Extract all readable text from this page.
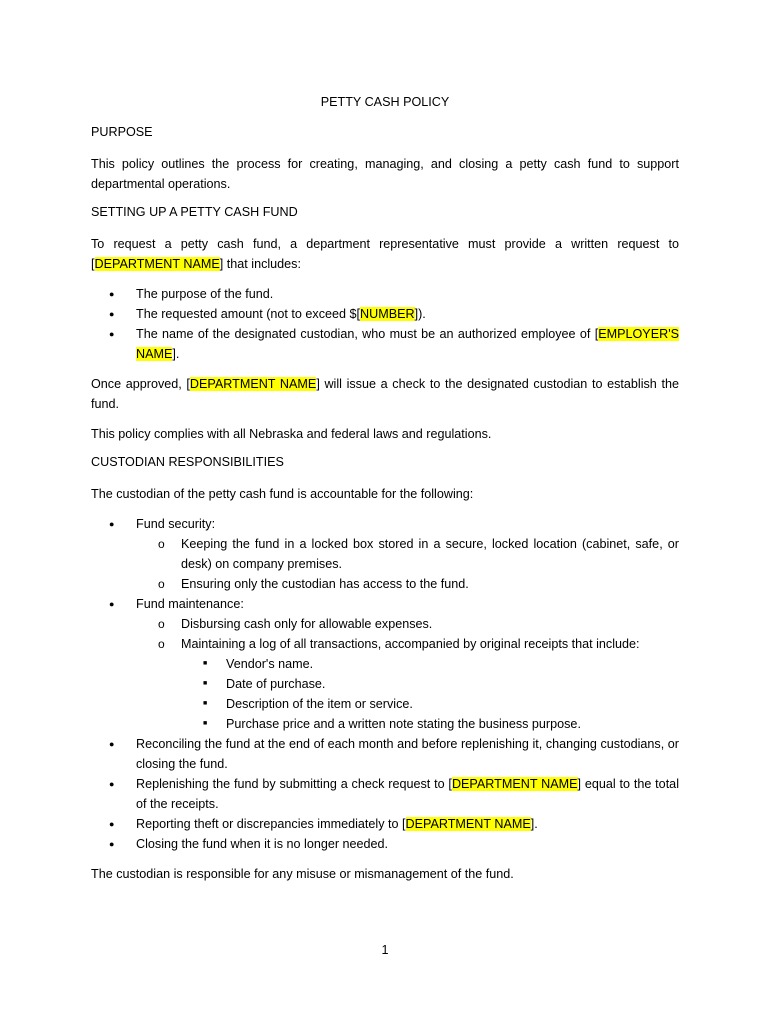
PETTY CASH POLICY
PURPOSE

This policy outlines the process for creating, managing, and closing a petty cash fund to support departmental operations.

SETTING UP A PETTY CASH FUND

To request a petty cash fund, a department representative must provide a written request to [DEPARTMENT NAME] that includes:

● The purpose of the fund.
● The requested amount (not to exceed $[NUMBER]).
● The name of the designated custodian, who must be an authorized employee of [EMPLOYER'S NAME].

Once approved, [DEPARTMENT NAME] will issue a check to the designated custodian to establish the fund.

This policy complies with all Nebraska and federal laws and regulations.

CUSTODIAN RESPONSIBILITIES

The custodian of the petty cash fund is accountable for the following:

● Fund security:
o Keeping the fund in a locked box stored in a secure, locked location (cabinet, safe, or desk) on company premises.
o Ensuring only the custodian has access to the fund.
● Fund maintenance:
o Disbursing cash only for allowable expenses.
o Maintaining a log of all transactions, accompanied by original receipts that include:
■ Vendor's name.
■ Date of purchase.
■ Description of the item or service.
■ Purchase price and a written note stating the business purpose.
● Reconciling the fund at the end of each month and before replenishing it, changing custodians, or closing the fund.
● Replenishing the fund by submitting a check request to [DEPARTMENT NAME] equal to the total of the receipts.
● Reporting theft or discrepancies immediately to [DEPARTMENT NAME].
● Closing the fund when it is no longer needed.

The custodian is responsible for any misuse or mismanagement of the fund.

1
